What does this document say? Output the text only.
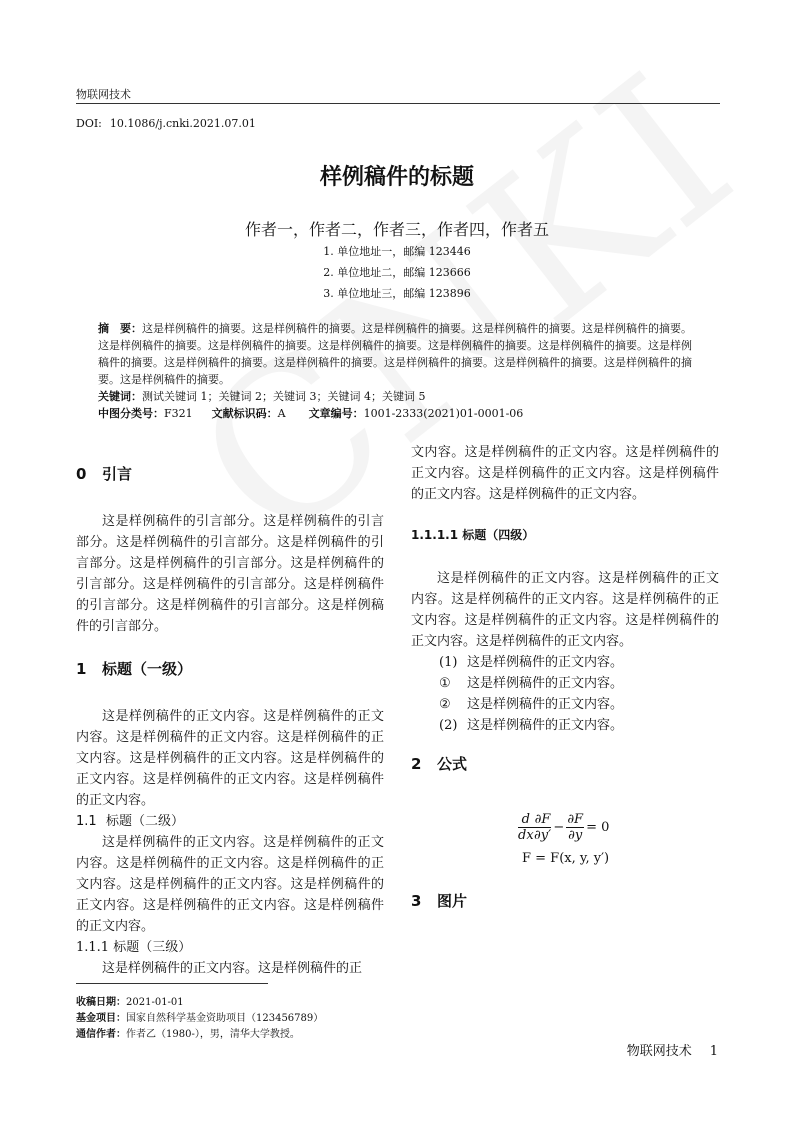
物联网技术
DOI: 10.1086/j.cnki.2021.07.01
样例稿件的标题
作者一，作者二，作者三，作者四，作者五
1. 单位地址一，邮编 123446
2. 单位地址二，邮编 123666
3. 单位地址三，邮编 123896

摘　要：这是样例稿件的摘要。这是样例稿件的摘要。这是样例稿件的摘要。这是样例稿件的摘要。这是样例稿件的摘要。这是样例稿件的摘要。这是样例稿件的摘要。这是样例稿件的摘要。这是样例稿件的摘要。这是样例稿件的摘要。这是样例稿件的摘要。这是样例稿件的摘要。这是样例稿件的摘要。这是样例稿件的摘要。这是样例稿件的摘要。这是样例稿件的摘要。这是样例稿件的摘要。

关键词：测试关键词 1；关键词 2；关键词 3；关键词 4；关键词 5

中图分类号：F321 文献标识码：A 文章编号：1001-2333(2021)01-0001-06

0 引言

这是样例稿件的引言部分。这是样例稿件的引言部分。这是样例稿件的引言部分。这是样例稿件的引言部分。这是样例稿件的引言部分。这是样例稿件的引言部分。这是样例稿件的引言部分。这是样例稿件的引言部分。这是样例稿件的引言部分。这是样例稿件的引言部分。

1 标题（一级）

这是样例稿件的正文内容。这是样例稿件的正文内容。这是样例稿件的正文内容。这是样例稿件的正文内容。这是样例稿件的正文内容。这是样例稿件的正文内容。这是样例稿件的正文内容。这是样例稿件的正文内容。

1.1 标题（二级）

这是样例稿件的正文内容。这是样例稿件的正文内容。这是样例稿件的正文内容。这是样例稿件的正文内容。这是样例稿件的正文内容。这是样例稿件的正文内容。这是样例稿件的正文内容。这是样例稿件的正文内容。

1.1.1 标题（三级）

这是样例稿件的正文内容。这是样例稿件的正

文内容。这是样例稿件的正文内容。这是样例稿件的正文内容。这是样例稿件的正文内容。这是样例稿件的正文内容。这是样例稿件的正文内容。

1.1.1.1 标题（四级）

这是样例稿件的正文内容。这是样例稿件的正文内容。这是样例稿件的正文内容。这是样例稿件的正文内容。这是样例稿件的正文内容。这是样例稿件的正文内容。这是样例稿件的正文内容。

(1) 这是样例稿件的正文内容。

① 这是样例稿件的正文内容。

② 这是样例稿件的正文内容。

(2) 这是样例稿件的正文内容。

2 公式

$\frac{d}{dx} \frac{\partial F}{\partial y'} - \frac{\partial F}{\partial y} = 0$
F = F(x, y, y′)
3 图片
收稿日期：2021-01-01
基金项目：国家自然科学基金资助项目（123456789）
通信作者：作者乙（1980-），男，清华大学教授。
物联网技术 1
